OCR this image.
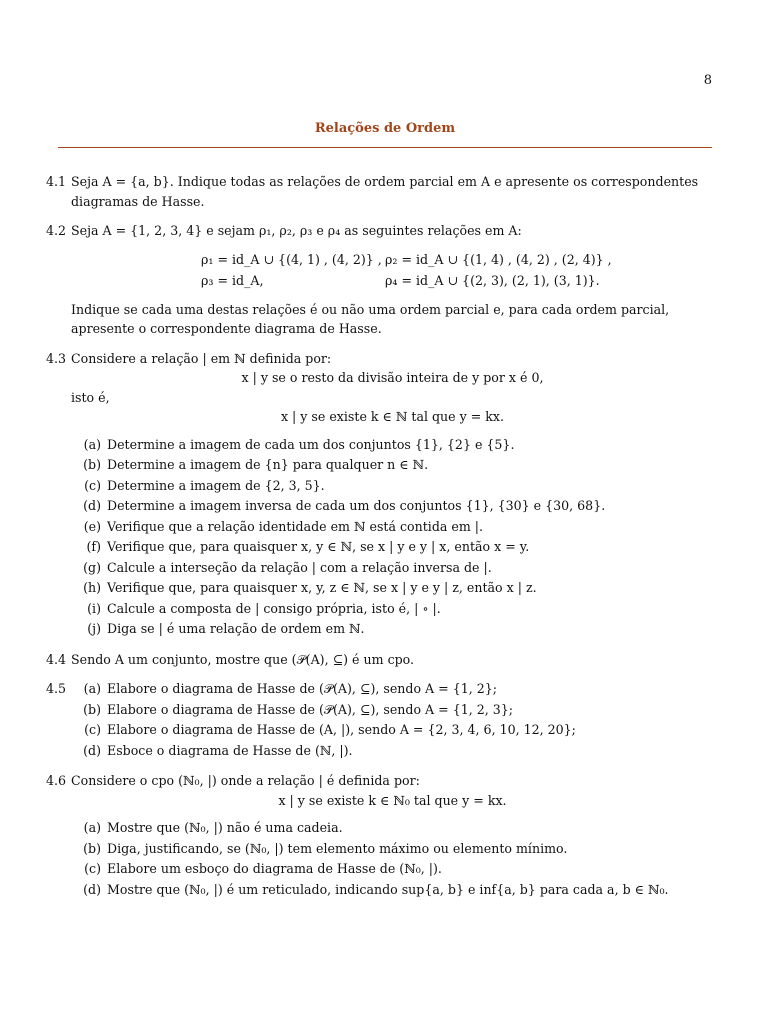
8
Relações de Ordem
4.1 Seja A = {a, b}. Indique todas as relações de ordem parcial em A e apresente os correspondentes diagramas de Hasse.

4.2 Seja A = {1, 2, 3, 4} e sejam ρ₁, ρ₂, ρ₃ e ρ₄ as seguintes relações em A:

ρ₁ = id_A ∪ {(4, 1) , (4, 2)} , ρ₂ = id_A ∪ {(1, 4) , (4, 2) , (2, 4)} ,
ρ₃ = id_A,	ρ₄ = id_A ∪ {(2, 3), (2, 1), (3, 1)}.

Indique se cada uma destas relações é ou não uma ordem parcial e, para cada ordem parcial, apresente o correspondente diagrama de Hasse.

4.3 Considere a relação | em ℕ definida por:

x | y se o resto da divisão inteira de y por x é 0,

isto é,

x | y se existe k ∈ ℕ tal que y = kx.

(a) Determine a imagem de cada um dos conjuntos {1}, {2} e {5}.
(b) Determine a imagem de {n} para qualquer n ∈ ℕ.
(c) Determine a imagem de {2, 3, 5}.
(d) Determine a imagem inversa de cada um dos conjuntos {1}, {30} e {30, 68}.
(e) Verifique que a relação identidade em ℕ está contida em |.
(f) Verifique que, para quaisquer x, y ∈ ℕ, se x | y e y | x, então x = y.
(g) Calcule a interseção da relação | com a relação inversa de |.
(h) Verifique que, para quaisquer x, y, z ∈ ℕ, se x | y e y | z, então x | z.
(i) Calcule a composta de | consigo própria, isto é, | ∘ |.
(j) Diga se | é uma relação de ordem em ℕ.
4.4 Sendo A um conjunto, mostre que (𝒫(A), ⊆) é um cpo.

4.5	(a) Elabore o diagrama de Hasse de (𝒫(A), ⊆), sendo A = {1, 2};
(b) Elabore o diagrama de Hasse de (𝒫(A), ⊆), sendo A = {1, 2, 3};
(c) Elabore o diagrama de Hasse de (A, |), sendo A = {2, 3, 4, 6, 10, 12, 20};
(d) Esboce o diagrama de Hasse de (ℕ, |).
4.6 Considere o cpo (ℕ₀, |) onde a relação | é definida por:

x | y se existe k ∈ ℕ₀ tal que y = kx.

(a) Mostre que (ℕ₀, |) não é uma cadeia.
(b) Diga, justificando, se (ℕ₀, |) tem elemento máximo ou elemento mínimo.
(c) Elabore um esboço do diagrama de Hasse de (ℕ₀, |).
(d) Mostre que (ℕ₀, |) é um reticulado, indicando sup{a, b} e inf{a, b} para cada a, b ∈ ℕ₀.
